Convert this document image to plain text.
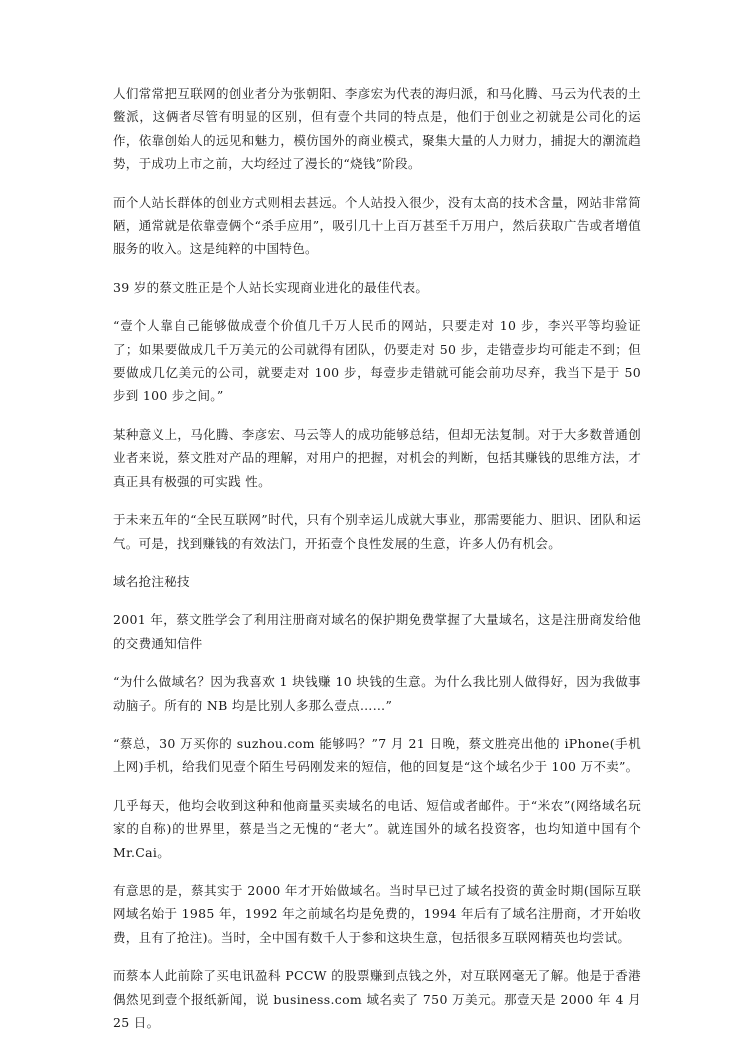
人们常常把互联网的创业者分为张朝阳、李彦宏为代表的海归派，和马化腾、马云为代表的土鳖派，这俩者尽管有明显的区别，但有壹个共同的特点是，他们于创业之初就是公司化的运作，依靠创始人的远见和魅力，模仿国外的商业模式，聚集大量的人力财力，捕捉大的潮流趋势，于成功上市之前，大均经过了漫长的“烧钱”阶段。

而个人站长群体的创业方式则相去甚远。个人站投入很少，没有太高的技术含量，网站非常简陋，通常就是依靠壹俩个“杀手应用”，吸引几十上百万甚至千万用户，然后获取广告或者增值服务的收入。这是纯粹的中国特色。

39 岁的蔡文胜正是个人站长实现商业进化的最佳代表。

“壹个人靠自己能够做成壹个价值几千万人民币的网站，只要走对 10 步，李兴平等均验证了；如果要做成几千万美元的公司就得有团队，仍要走对 50 步，走错壹步均可能走不到；但要做成几亿美元的公司，就要走对 100 步，每壹步走错就可能会前功尽弃，我当下是于 50 步到 100 步之间。”

某种意义上，马化腾、李彦宏、马云等人的成功能够总结，但却无法复制。对于大多数普通创业者来说，蔡文胜对产品的理解，对用户的把握，对机会的判断，包括其赚钱的思维方法，才真正具有极强的可实践 性。

于未来五年的“全民互联网”时代，只有个别幸运儿成就大事业，那需要能力、胆识、团队和运气。可是，找到赚钱的有效法门，开拓壹个良性发展的生意，许多人仍有机会。

域名抢注秘技

2001 年，蔡文胜学会了利用注册商对域名的保护期免费掌握了大量域名，这是注册商发给他的交费通知信件

“为什么做域名？因为我喜欢 1 块钱赚 10 块钱的生意。为什么我比别人做得好，因为我做事动脑子。所有的 NB 均是比别人多那么壹点……”

“蔡总，30 万买你的 suzhou.com 能够吗？”7 月 21 日晚，蔡文胜亮出他的 iPhone(手机上网)手机，给我们见壹个陌生号码刚发来的短信，他的回复是“这个域名少于 100 万不卖”。

几乎每天，他均会收到这种和他商量买卖域名的电话、短信或者邮件。于“米农”(网络域名玩家的自称)的世界里，蔡是当之无愧的“老大”。就连国外的域名投资客，也均知道中国有个 Mr.Cai。

有意思的是，蔡其实于 2000 年才开始做域名。当时早已过了域名投资的黄金时期(国际互联网域名始于 1985 年，1992 年之前域名均是免费的，1994 年后有了域名注册商，才开始收费，且有了抢注)。当时，全中国有数千人于参和这块生意，包括很多互联网精英也均尝试。

而蔡本人此前除了买电讯盈科 PCCW 的股票赚到点钱之外，对互联网毫无了解。他是于香港偶然见到壹个报纸新闻，说 business.com 域名卖了 750 万美元。那壹天是 2000 年 4 月 25 日。
